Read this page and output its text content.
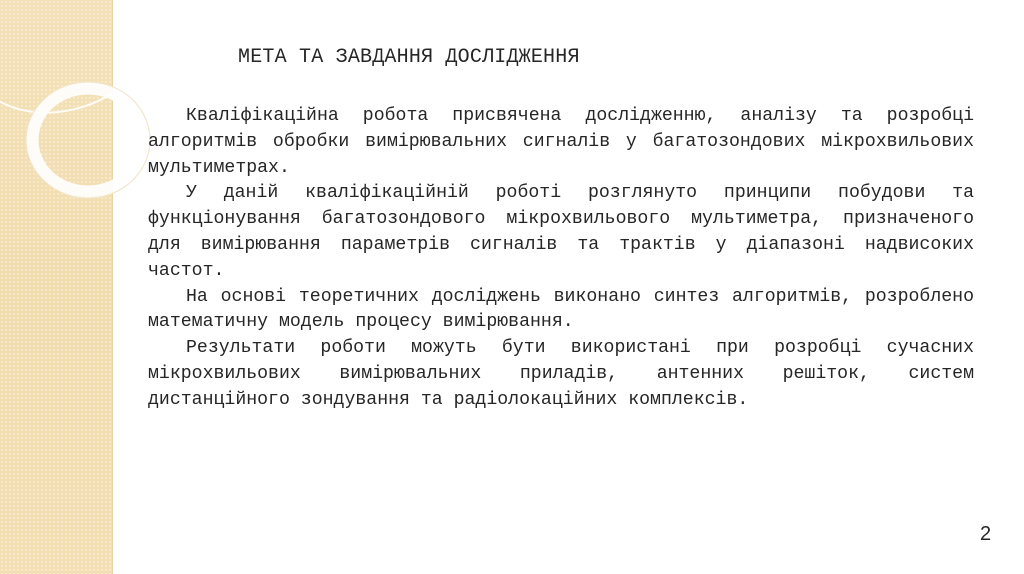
МЕТА ТА ЗАВДАННЯ ДОСЛІДЖЕННЯ

Кваліфікаційна робота присвячена дослідженню, аналізу та розробці алгоритмів обробки вимірювальних сигналів у багатозондових мікрохвильових мультиметрах.

У даній кваліфікаційній роботі розглянуто принципи побудови та функціонування багатозондового мікрохвильового мультиметра, призначеного для вимірювання параметрів сигналів та трактів у діапазоні надвисоких частот.

На основі теоретичних досліджень виконано синтез алгоритмів, розроблено математичну модель процесу вимірювання.

Результати роботи можуть бути використані при розробці сучасних мікрохвильових вимірювальних приладів, антенних решіток, систем дистанційного зондування та радіолокаційних комплексів.

2
